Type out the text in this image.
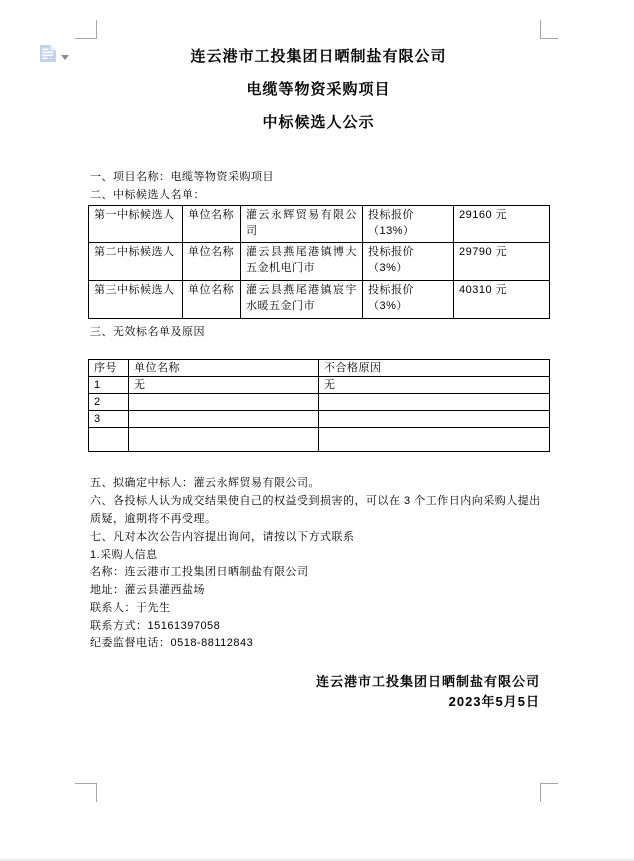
连云港市工投集团日晒制盐有限公司
电缆等物资采购项目
中标候选人公示
一、项目名称：电缆等物资采购项目
二、中标候选人名单：
第一中标候选人	单位名称	灌云永辉贸易有限公司	投标报价（13%）	29160 元
第二中标候选人	单位名称	灌云县燕尾港镇博大五金机电门市	投标报价（3%）	29790 元
第三中标候选人	单位名称	灌云县燕尾港镇宸宇水暖五金门市	投标报价（3%）	40310 元
三、无效标名单及原因
序号	单位名称	不合格原因
1	无	无
2		
3		

五、拟确定中标人：灌云永辉贸易有限公司。
六、各投标人认为成交结果使自己的权益受到损害的，可以在 3 个工作日内向采购人提出质疑，逾期将不再受理。
七、凡对本次公告内容提出询问，请按以下方式联系
1.采购人信息
名称：连云港市工投集团日晒制盐有限公司
地址：灌云县灌西盐场
联系人：于先生
联系方式：15161397058
纪委监督电话：0518-88112843
连云港市工投集团日晒制盐有限公司
2023年5月5日
